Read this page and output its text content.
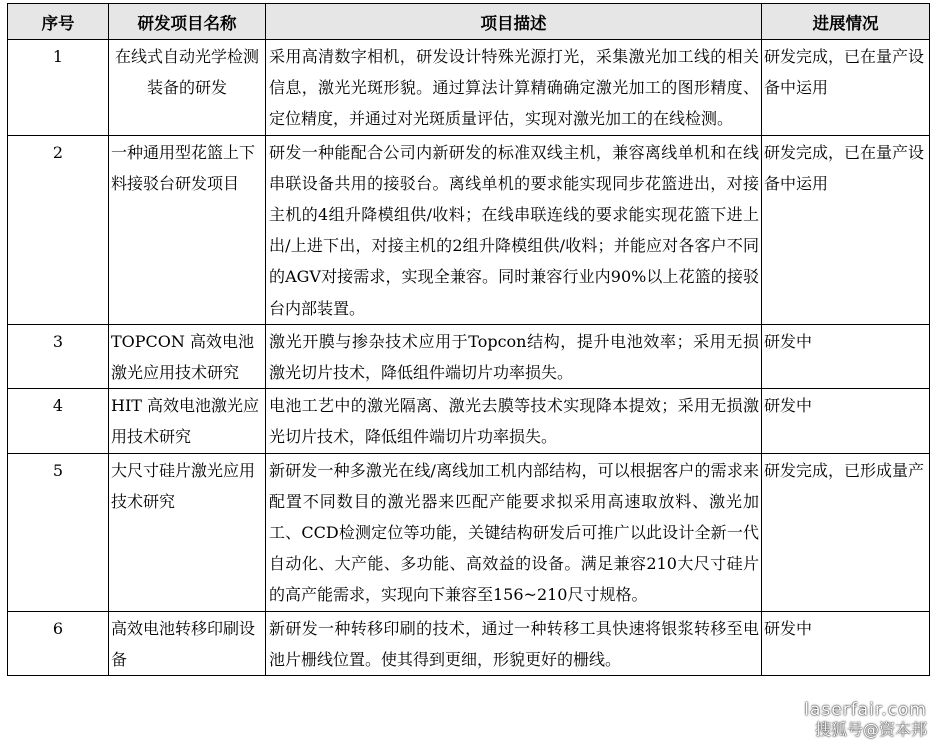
序号	研发项目名称	项目描述	进展情况
1	在线式自动光学检测装备的研发	采用高清数字相机，研发设计特殊光源打光，采集激光加工线的相关信息，激光光斑形貌。通过算法计算精确确定激光加工的图形精度、定位精度，并通过对光斑质量评估，实现对激光加工的在线检测。	研发完成，已在量产设备中运用
2	一种通用型花篮上下料接驳台研发项目	研发一种能配合公司内新研发的标准双线主机，兼容离线单机和在线串联设备共用的接驳台。离线单机的要求能实现同步花篮进出，对接主机的4组升降模组供/收料；在线串联连线的要求能实现花篮下进上出/上进下出，对接主机的2组升降模组供/收料；并能应对各客户不同的AGV对接需求，实现全兼容。同时兼容行业内90%以上花篮的接驳台内部装置。	研发完成，已在量产设备中运用
3	TOPCON 高效电池激光应用技术研究	激光开膜与掺杂技术应用于Topcon结构，提升电池效率；采用无损激光切片技术，降低组件端切片功率损失。	研发中
4	HIT 高效电池激光应用技术研究	电池工艺中的激光隔离、激光去膜等技术实现降本提效；采用无损激光切片技术，降低组件端切片功率损失。	研发中
5	大尺寸硅片激光应用技术研究	新研发一种多激光在线/离线加工机内部结构，可以根据客户的需求来配置不同数目的激光器来匹配产能要求拟采用高速取放料、激光加工、CCD检测定位等功能，关键结构研发后可推广以此设计全新一代自动化、大产能、多功能、高效益的设备。满足兼容210大尺寸硅片的高产能需求，实现向下兼容至156~210尺寸规格。	研发完成，已形成量产
6	高效电池转移印刷设备	新研发一种转移印刷的技术，通过一种转移工具快速将银浆转移至电池片栅线位置。使其得到更细，形貌更好的栅线。	研发中
laserfair.com
搜狐号@资本邦
